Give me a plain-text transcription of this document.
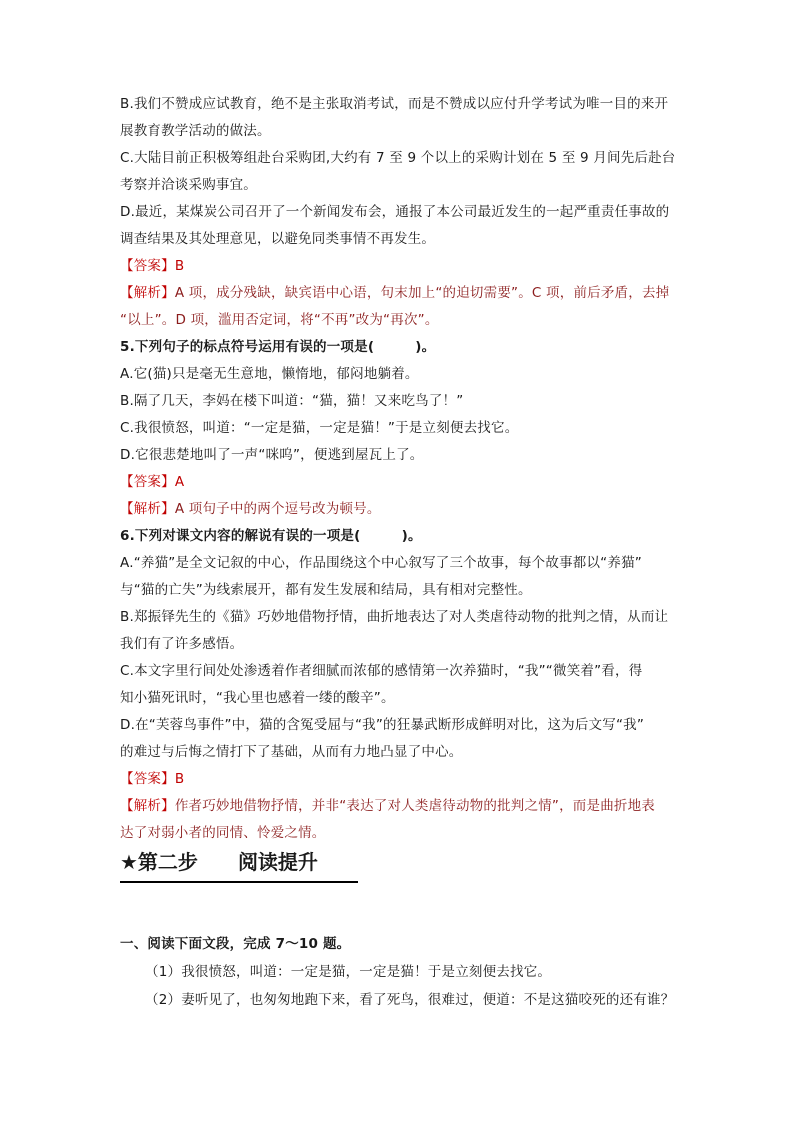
B.我们不赞成应试教育，绝不是主张取消考试，而是不赞成以应付升学考试为唯一目的来开
展教育教学活动的做法。
C.大陆目前正积极筹组赴台采购团,大约有 7 至 9 个以上的采购计划在 5 至 9 月间先后赴台
考察并洽谈采购事宜。
D.最近，某煤炭公司召开了一个新闻发布会，通报了本公司最近发生的一起严重责任事故的
调查结果及其处理意见，以避免同类事情不再发生。
【答案】B
【解析】A 项，成分残缺，缺宾语中心语，句末加上“的迫切需要”。C 项，前后矛盾，去掉
“以上”。D 项，滥用否定词，将“不再”改为“再次”。
5.下列句子的标点符号运用有误的一项是(　　　)。
A.它(猫)只是毫无生意地，懒惰地，郁闷地躺着。
B.隔了几天，李妈在楼下叫道：“猫，猫！又来吃鸟了！”
C.我很愤怒，叫道：“一定是猫，一定是猫！”于是立刻便去找它。
D.它很悲楚地叫了一声“咪呜”，便逃到屋瓦上了。
【答案】A
【解析】A 项句子中的两个逗号改为顿号。
6.下列对课文内容的解说有误的一项是(　　　)。
A.“养猫”是全文记叙的中心，作品围绕这个中心叙写了三个故事，每个故事都以“养猫”
与“猫的亡失”为线索展开，都有发生发展和结局，具有相对完整性。
B.郑振铎先生的《猫》巧妙地借物抒情，曲折地表达了对人类虐待动物的批判之情，从而让
我们有了许多感悟。
C.本文字里行间处处渗透着作者细腻而浓郁的感情第一次养猫时，“我”“微笑着”看，得
知小猫死讯时，“我心里也感着一缕的酸辛”。
D.在“芙蓉鸟事件”中，猫的含冤受屈与“我”的狂暴武断形成鲜明对比，这为后文写“我”
的难过与后悔之情打下了基础，从而有力地凸显了中心。
【答案】B
【解析】作者巧妙地借物抒情，并非“表达了对人类虐待动物的批判之情”，而是曲折地表
达了对弱小者的同情、怜爱之情。
★第二步 阅读提升
一、阅读下面文段，完成 7～10 题。
（1）我很愤怒，叫道：一定是猫，一定是猫！于是立刻便去找它。
（2）妻听见了，也匆匆地跑下来，看了死鸟，很难过，便道：不是这猫咬死的还有谁？
